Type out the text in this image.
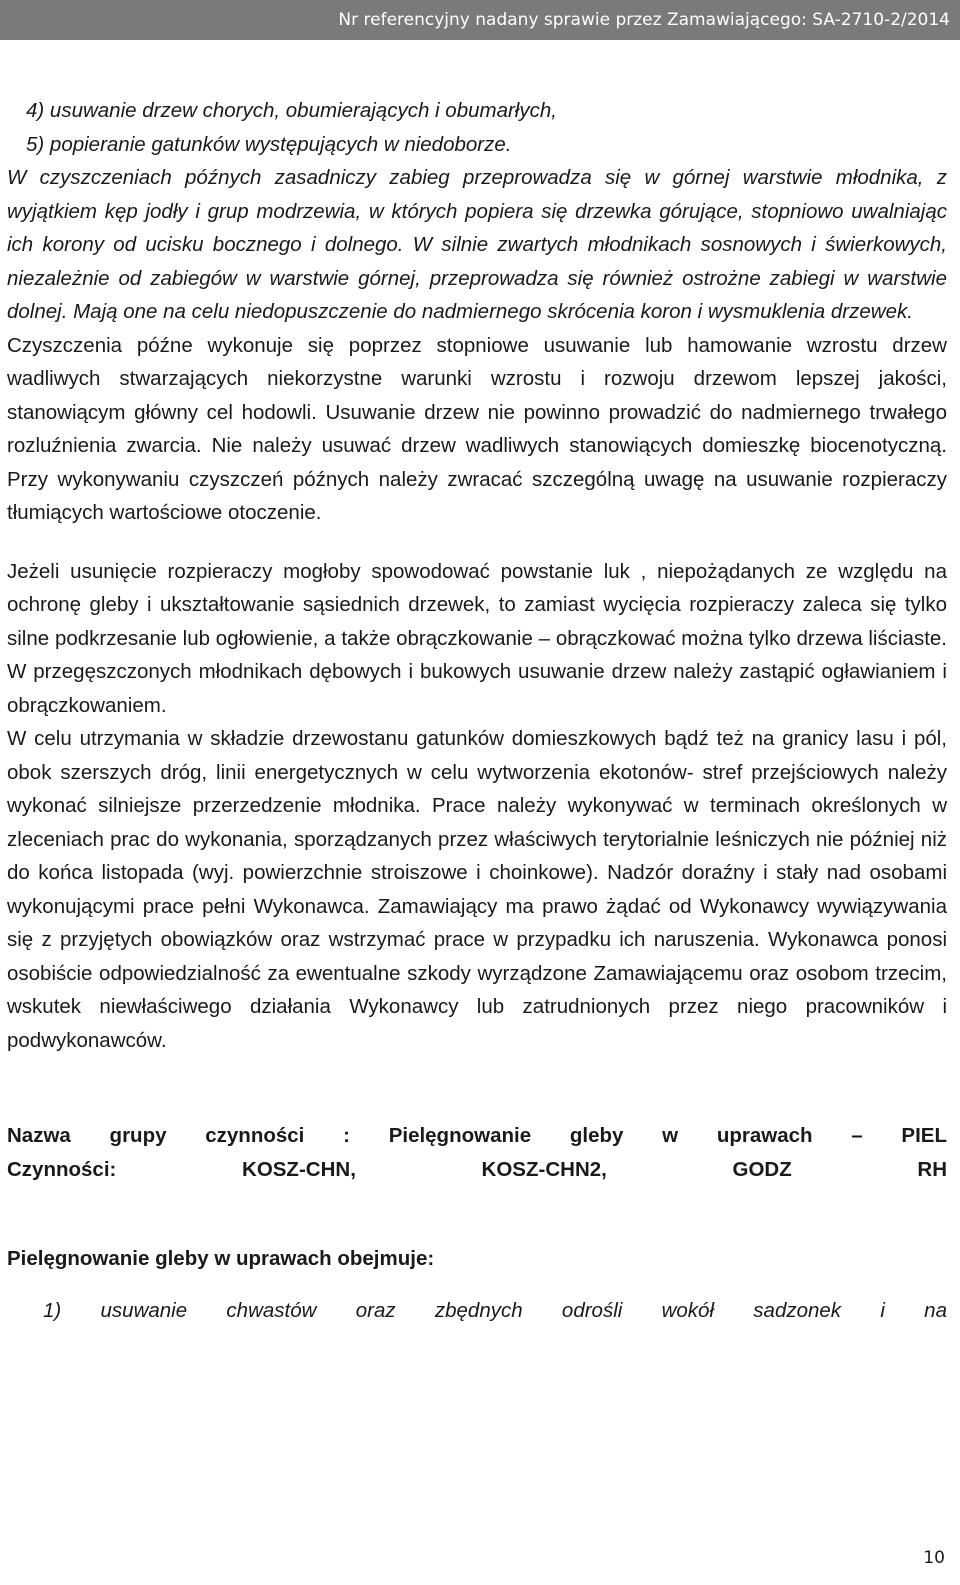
Nr referencyjny nadany sprawie przez Zamawiającego: SA-2710-2/2014

4) usuwanie drzew chorych, obumierających i obumarłych,

5) popieranie gatunków występujących w niedoborze.

W czyszczeniach późnych zasadniczy zabieg przeprowadza się w górnej warstwie młodnika, z wyjątkiem kęp jodły i grup modrzewia, w których popiera się drzewka górujące, stopniowo uwalniając ich korony od ucisku bocznego i dolnego. W silnie zwartych młodnikach sosnowych i świerkowych, niezależnie od zabiegów w warstwie górnej, przeprowadza się również ostrożne zabiegi w warstwie dolnej. Mają one na celu niedopuszczenie do nadmiernego skrócenia koron i wysmuklenia drzewek.

Czyszczenia późne wykonuje się poprzez stopniowe usuwanie lub hamowanie wzrostu drzew wadliwych stwarzających niekorzystne warunki wzrostu i rozwoju drzewom lepszej jakości, stanowiącym główny cel hodowli. Usuwanie drzew nie powinno prowadzić do nadmiernego trwałego rozluźnienia zwarcia. Nie należy usuwać drzew wadliwych stanowiących domieszkę biocenotyczną. Przy wykonywaniu czyszczeń późnych należy zwracać szczególną uwagę na usuwanie rozpieraczy tłumiących wartościowe otoczenie.

Jeżeli usunięcie rozpieraczy mogłoby spowodować powstanie luk , niepożądanych ze względu na ochronę gleby i ukształtowanie sąsiednich drzewek, to zamiast wycięcia rozpieraczy zaleca się tylko silne podkrzesanie lub ogłowienie, a także obrączkowanie – obrączkować można tylko drzewa liściaste. W przegęszczonych młodnikach dębowych i bukowych usuwanie drzew należy zastąpić ogławianiem i obrączkowaniem.

W celu utrzymania w składzie drzewostanu gatunków domieszkowych bądź też na granicy lasu i pól, obok szerszych dróg, linii energetycznych w celu wytworzenia ekotonów- stref przejściowych należy wykonać silniejsze przerzedzenie młodnika. Prace należy wykonywać w terminach określonych w zleceniach prac do wykonania, sporządzanych przez właściwych terytorialnie leśniczych nie później niż do końca listopada (wyj. powierzchnie stroiszowe i choinkowe). Nadzór doraźny i stały nad osobami wykonującymi prace pełni Wykonawca. Zamawiający ma prawo żądać od Wykonawcy wywiązywania się z przyjętych obowiązków oraz wstrzymać prace w przypadku ich naruszenia. Wykonawca ponosi osobiście odpowiedzialność za ewentualne szkody wyrządzone Zamawiającemu oraz osobom trzecim, wskutek niewłaściwego działania Wykonawcy lub zatrudnionych przez niego pracowników i podwykonawców.

Nazwa grupy czynności : Pielęgnowanie gleby w uprawach – PIEL

Czynności: KOSZ-CHN, KOSZ-CHN2, GODZ RH

Pielęgnowanie gleby w uprawach obejmuje:

1) usuwanie chwastów oraz zbędnych odrośli wokół sadzonek i na

10
